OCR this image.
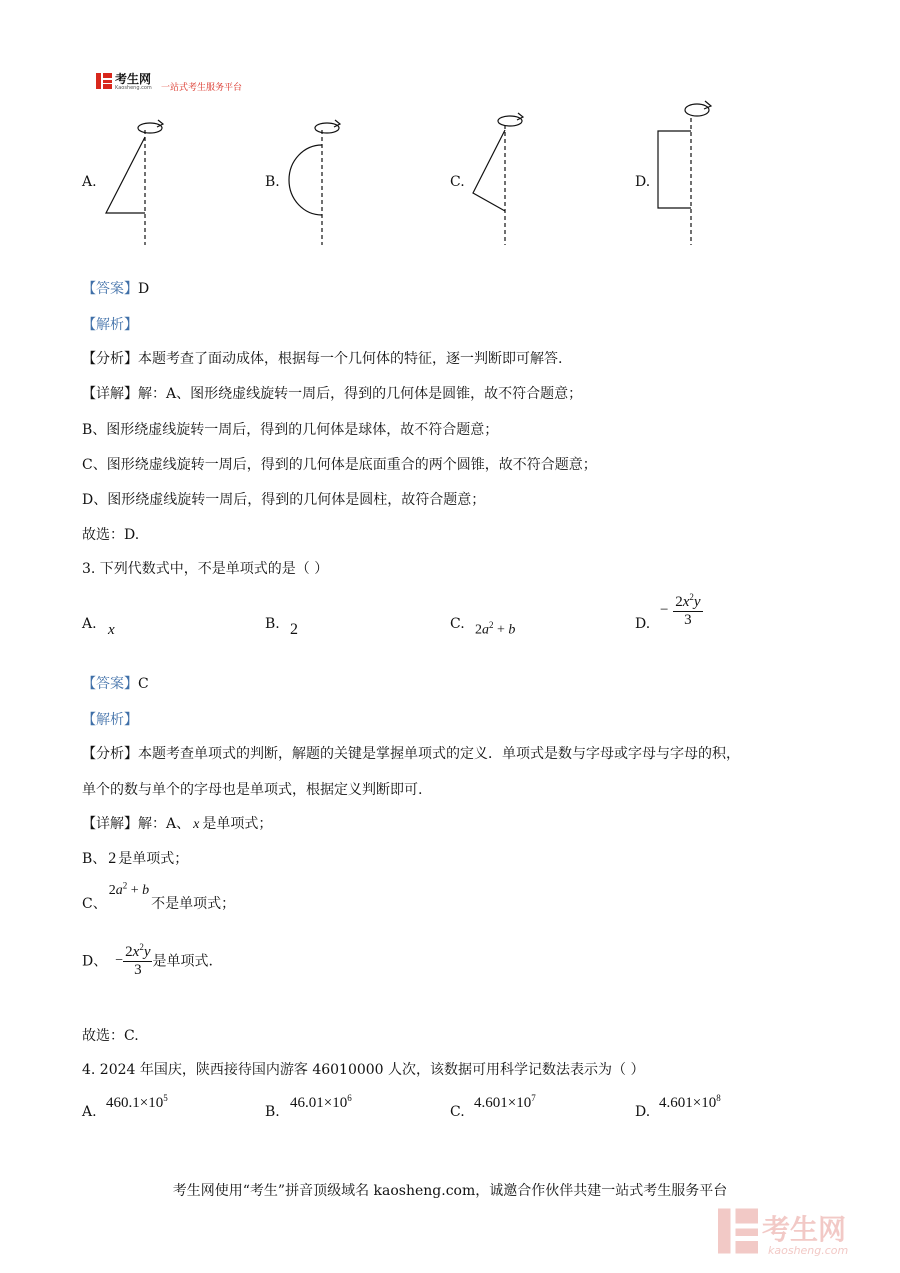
考生网
Kaosheng.com 一站式考生服务平台
A.	B.	C.	D.
【答案】D
【解析】
【分析】本题考查了面动成体，根据每一个几何体的特征，逐一判断即可解答.
【详解】解：A、图形绕虚线旋转一周后，得到的几何体是圆锥，故不符合题意；
B、图形绕虚线旋转一周后，得到的几何体是球体，故不符合题意；
C、图形绕虚线旋转一周后，得到的几何体是底面重合的两个圆锥，故不符合题意；
D、图形绕虚线旋转一周后，得到的几何体是圆柱，故符合题意；
故选：D.
3. 下列代数式中，不是单项式的是（ ）
A. x	B. 2	C. $2a^2 + b$	D.
− $\frac{2x^2y}{3}$
【答案】C
【解析】
【分析】本题考查单项式的判断，解题的关键是掌握单项式的定义．单项式是数与字母或字母与字母的积，
单个的数与单个的字母也是单项式，根据定义判断即可.
【详解】解：A、 x 是单项式；
B、 2 是单项式；
C、$2a^2 + b$不是单项式；
D、 − $\frac{2x^2y}{3}$ 是单项式.
故选：C.
4. 2024 年国庆，陕西接待国内游客 46010000 人次，该数据可用科学记数法表示为（ ）
A.
$460.1\times 10^5$
B.
$46.01\times 10^6$
C.
$4.601\times 10^7$
D.
$4.601\times 10^8$
考生网使用“考生”拼音顶级域名 kaosheng.com，诚邀合作伙伴共建一站式考生服务平台
考生网
kaosheng.com
